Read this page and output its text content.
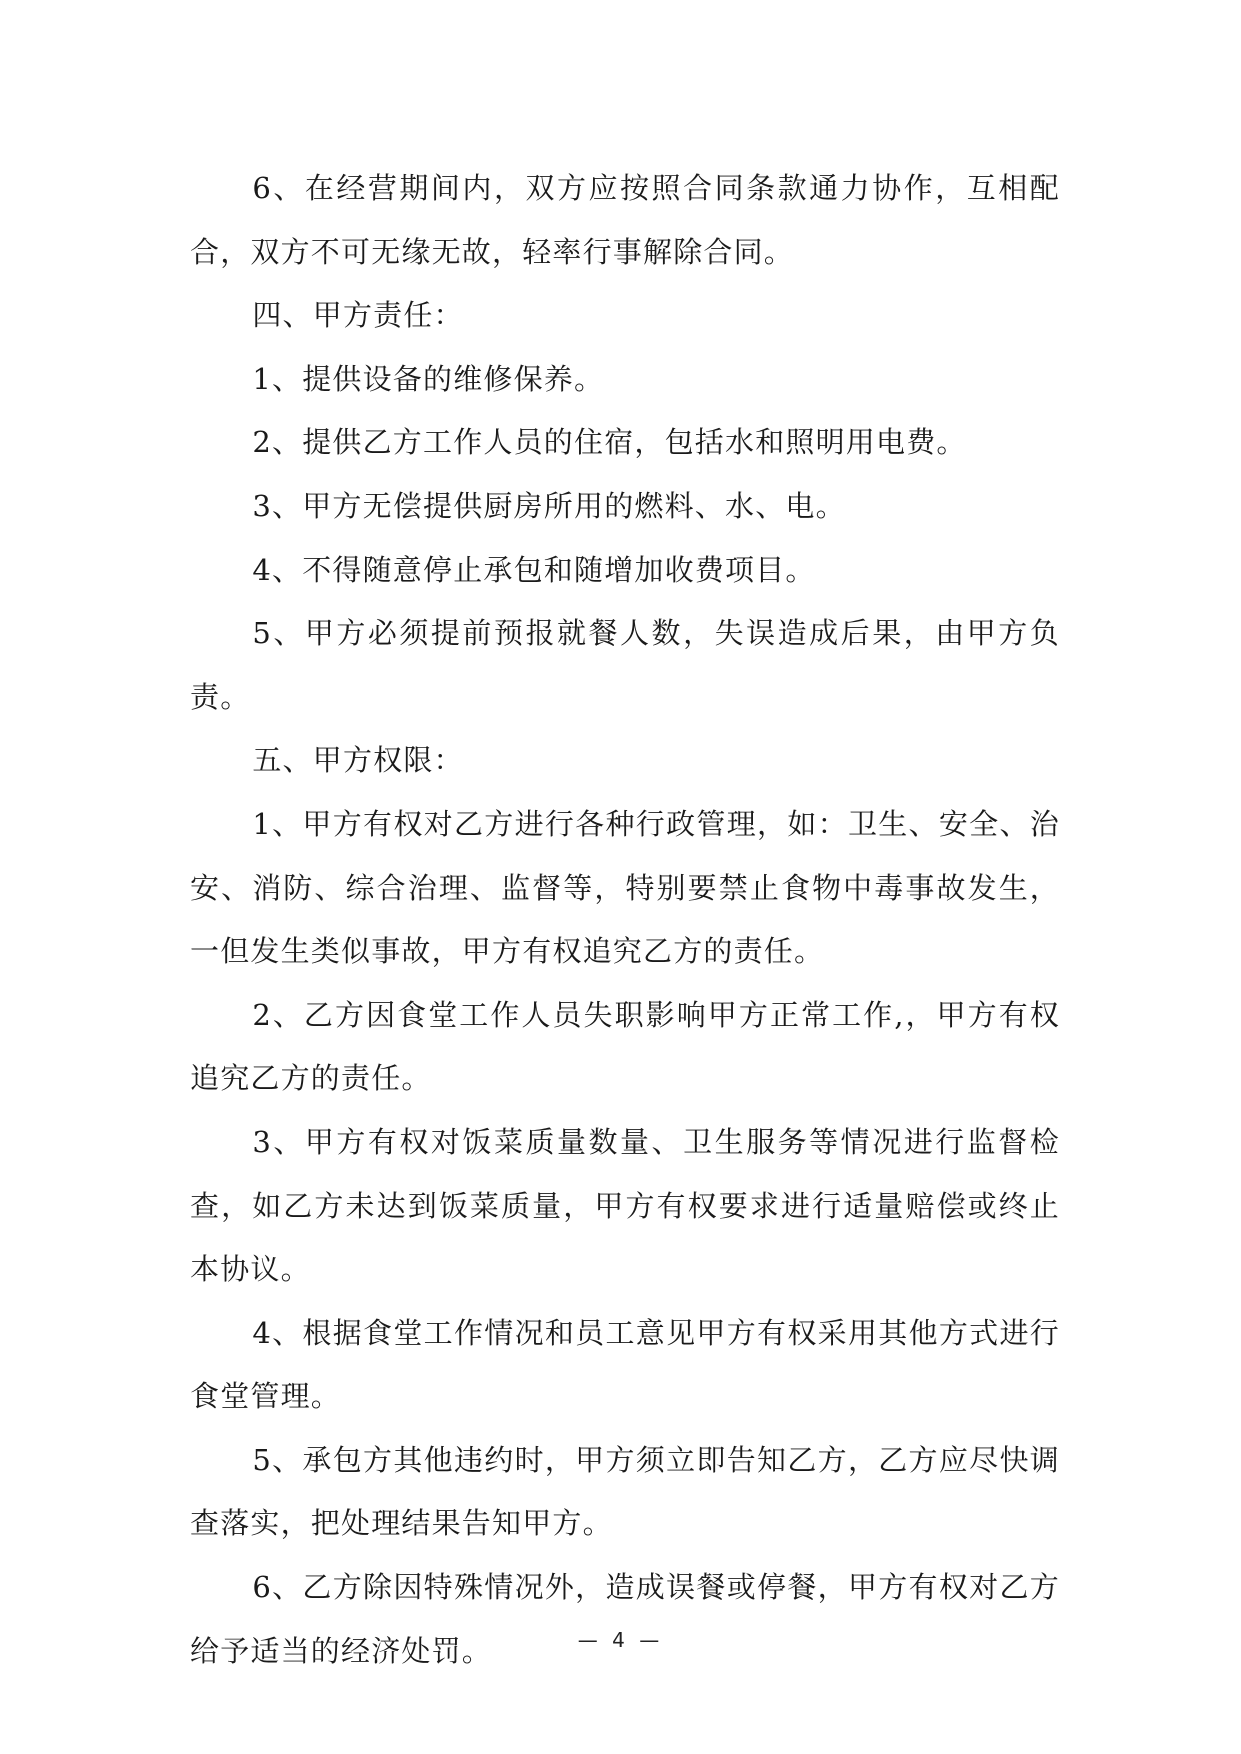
6、在经营期间内，双方应按照合同条款通力协作，互相配合，双方不可无缘无故，轻率行事解除合同。

四、甲方责任：

1、提供设备的维修保养。

2、提供乙方工作人员的住宿，包括水和照明用电费。

3、甲方无偿提供厨房所用的燃料、水、电。

4、不得随意停止承包和随增加收费项目。

5、甲方必须提前预报就餐人数，失误造成后果，由甲方负责。

五、甲方权限：

1、甲方有权对乙方进行各种行政管理，如：卫生、安全、治安、消防、综合治理、监督等，特别要禁止食物中毒事故发生，一但发生类似事故，甲方有权追究乙方的责任。

2、乙方因食堂工作人员失职影响甲方正常工作,，甲方有权追究乙方的责任。

3、甲方有权对饭菜质量数量、卫生服务等情况进行监督检查，如乙方未达到饭菜质量，甲方有权要求进行适量赔偿或终止本协议。

4、根据食堂工作情况和员工意见甲方有权采用其他方式进行食堂管理。

5、承包方其他违约时，甲方须立即告知乙方，乙方应尽快调查落实，把处理结果告知甲方。

6、乙方除因特殊情况外，造成误餐或停餐，甲方有权对乙方给予适当的经济处罚。	— 4 —
